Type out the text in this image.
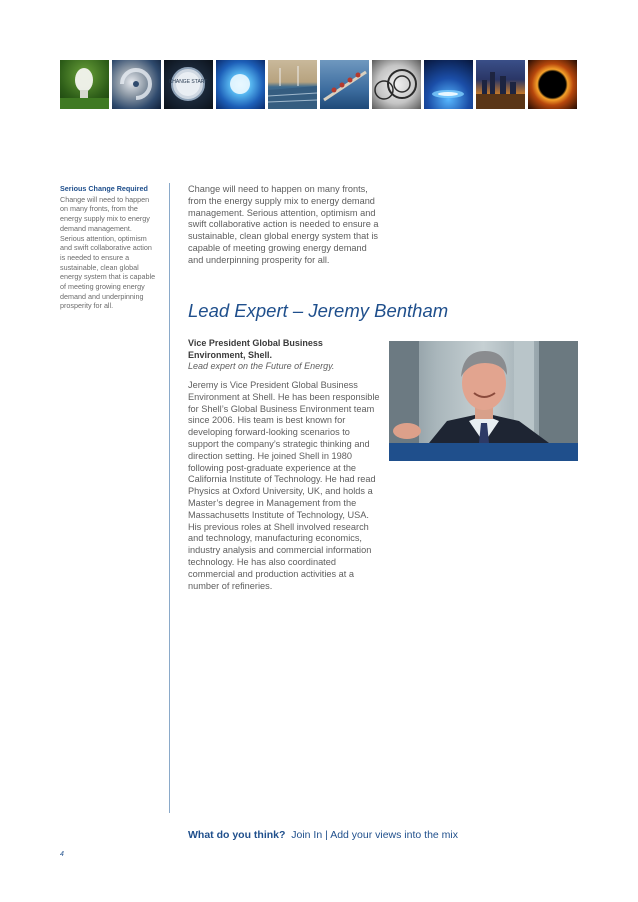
CHANGE START
Serious Change Required

Change will need to happen on many fronts, from the energy supply mix to energy demand management. Serious attention, optimism and swift collaborative action is needed to ensure a sustainable, clean global energy system that is capable of meeting growing energy demand and underpinning prosperity for all.

Change will need to happen on many fronts, from the energy supply mix to energy demand management. Serious attention, optimism and swift collaborative action is needed to ensure a sustainable, clean global energy system that is capable of meeting growing energy demand and underpinning prosperity for all.

Lead Expert – Jeremy Bentham
Vice President Global Business Environment, Shell.
Lead expert on the Future of Energy.

Jeremy is Vice President Global Business Environment at Shell. He has been responsible for Shell’s Global Business Environment team since 2006. His team is best known for developing forward-looking scenarios to support the company’s strategic thinking and direction setting. He joined Shell in 1980 following post-graduate experience at the California Institute of Technology. He had read Physics at Oxford University, UK, and holds a Master’s degree in Management from the Massachusetts Institute of Technology, USA. His previous roles at Shell involved research and technology, manufacturing economics, industry analysis and commercial information technology. He has also coordinated commercial and production activities at a number of refineries.

What do you think? Join In | Add your views into the mix
4
